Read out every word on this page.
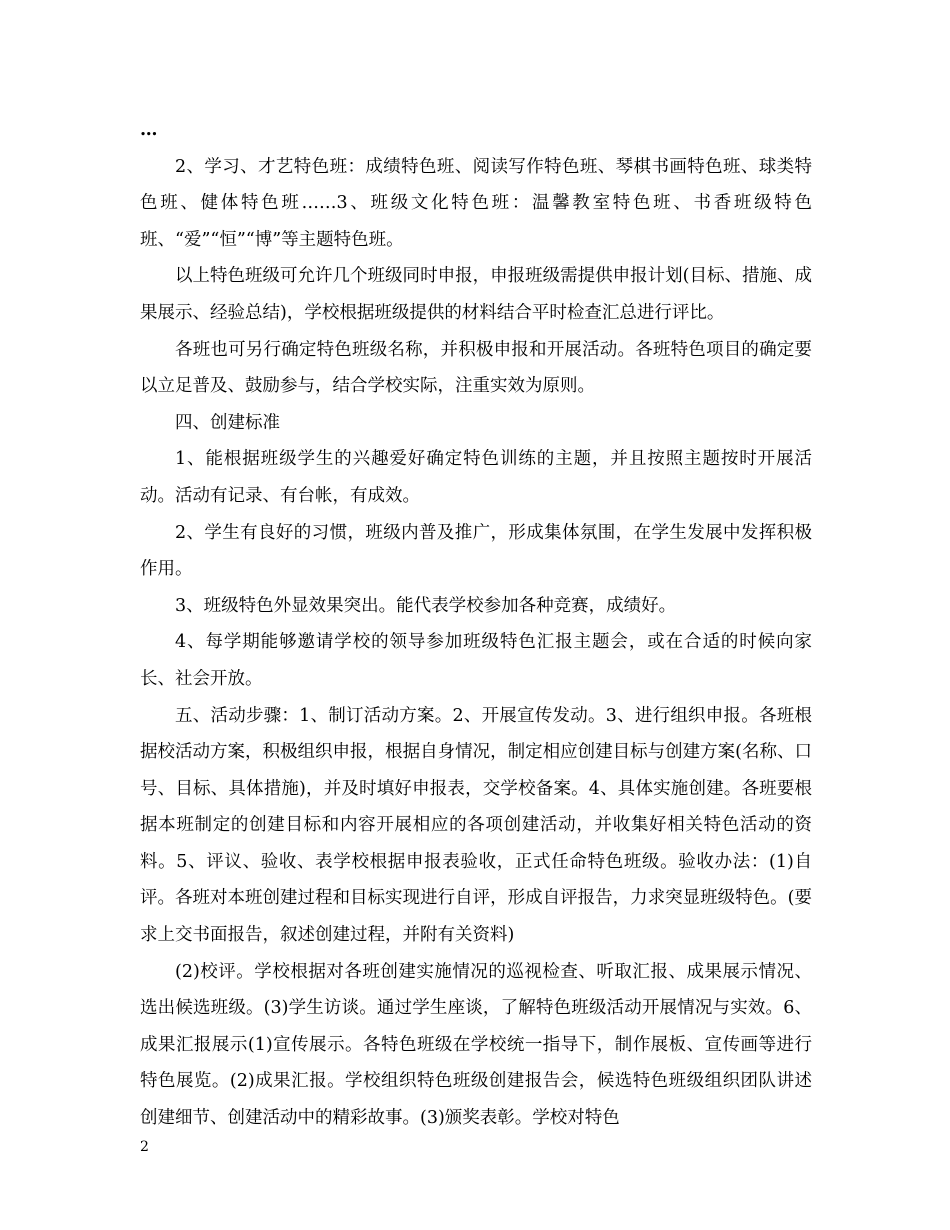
…

2、学习、才艺特色班：成绩特色班、阅读写作特色班、琴棋书画特色班、球类特色班、健体特色班……3、班级文化特色班：温馨教室特色班、书香班级特色班、“爱”“恒”“博”等主题特色班。

以上特色班级可允许几个班级同时申报，申报班级需提供申报计划(目标、措施、成果展示、经验总结)，学校根据班级提供的材料结合平时检查汇总进行评比。

各班也可另行确定特色班级名称，并积极申报和开展活动。各班特色项目的确定要以立足普及、鼓励参与，结合学校实际，注重实效为原则。

四、创建标准

1、能根据班级学生的兴趣爱好确定特色训练的主题，并且按照主题按时开展活动。活动有记录、有台帐，有成效。

2、学生有良好的习惯，班级内普及推广，形成集体氛围，在学生发展中发挥积极作用。

3、班级特色外显效果突出。能代表学校参加各种竞赛，成绩好。

4、每学期能够邀请学校的领导参加班级特色汇报主题会，或在合适的时候向家长、社会开放。

五、活动步骤：1、制订活动方案。2、开展宣传发动。3、进行组织申报。各班根据校活动方案，积极组织申报，根据自身情况，制定相应创建目标与创建方案(名称、口号、目标、具体措施)，并及时填好申报表，交学校备案。4、具体实施创建。各班要根据本班制定的创建目标和内容开展相应的各项创建活动，并收集好相关特色活动的资料。5、评议、验收、表学校根据申报表验收，正式任命特色班级。验收办法：(1)自评。各班对本班创建过程和目标实现进行自评，形成自评报告，力求突显班级特色。(要求上交书面报告，叙述创建过程，并附有关资料)

(2)校评。学校根据对各班创建实施情况的巡视检查、听取汇报、成果展示情况、选出候选班级。(3)学生访谈。通过学生座谈，了解特色班级活动开展情况与实效。6、成果汇报展示(1)宣传展示。各特色班级在学校统一指导下，制作展板、宣传画等进行特色展览。(2)成果汇报。学校组织特色班级创建报告会，候选特色班级组织团队讲述创建细节、创建活动中的精彩故事。(3)颁奖表彰。学校对特色

2
